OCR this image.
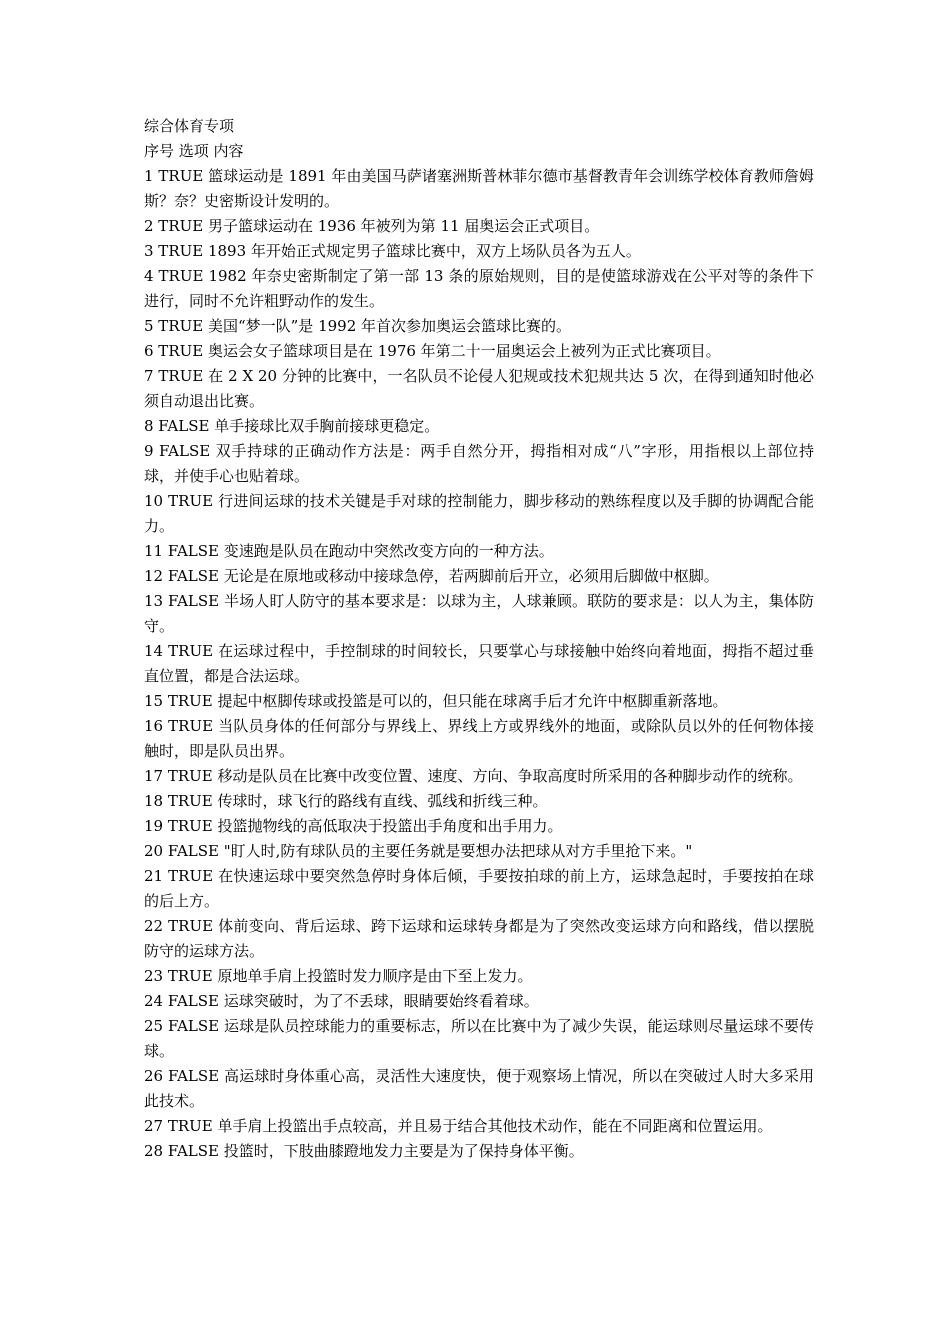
综合体育专项
序号 选项 内容
1 TRUE 篮球运动是 1891 年由美国马萨诸塞洲斯普林菲尔德市基督教青年会训练学校体育教师詹姆斯？奈？史密斯设计发明的。
2 TRUE 男子篮球运动在 1936 年被列为第 11 届奥运会正式项目。
3 TRUE 1893 年开始正式规定男子篮球比赛中，双方上场队员各为五人。
4 TRUE 1982 年奈史密斯制定了第一部 13 条的原始规则，目的是使篮球游戏在公平对等的条件下进行，同时不允许粗野动作的发生。
5 TRUE 美国“梦一队”是 1992 年首次参加奥运会篮球比赛的。
6 TRUE 奥运会女子篮球项目是在 1976 年第二十一届奥运会上被列为正式比赛项目。
7 TRUE 在 2 X 20 分钟的比赛中，一名队员不论侵人犯规或技术犯规共达 5 次，在得到通知时他必须自动退出比赛。
8 FALSE 单手接球比双手胸前接球更稳定。
9 FALSE 双手持球的正确动作方法是：两手自然分开，拇指相对成“八”字形，用指根以上部位持球，并使手心也贴着球。
10 TRUE 行进间运球的技术关键是手对球的控制能力，脚步移动的熟练程度以及手脚的协调配合能力。
11 FALSE 变速跑是队员在跑动中突然改变方向的一种方法。
12 FALSE 无论是在原地或移动中接球急停，若两脚前后开立，必须用后脚做中枢脚。
13 FALSE 半场人盯人防守的基本要求是：以球为主，人球兼顾。联防的要求是：以人为主，集体防守。
14 TRUE 在运球过程中，手控制球的时间较长，只要掌心与球接触中始终向着地面，拇指不超过垂直位置，都是合法运球。
15 TRUE 提起中枢脚传球或投篮是可以的，但只能在球离手后才允许中枢脚重新落地。
16 TRUE 当队员身体的任何部分与界线上、界线上方或界线外的地面，或除队员以外的任何物体接触时，即是队员出界。
17 TRUE 移动是队员在比赛中改变位置、速度、方向、争取高度时所采用的各种脚步动作的统称。
18 TRUE 传球时，球飞行的路线有直线、弧线和折线三种。
19 TRUE 投篮抛物线的高低取决于投篮出手角度和出手用力。
20 FALSE "盯人时,防有球队员的主要任务就是要想办法把球从对方手里抢下来。"
21 TRUE 在快速运球中要突然急停时身体后倾，手要按拍球的前上方，运球急起时，手要按拍在球的后上方。
22 TRUE 体前变向、背后运球、跨下运球和运球转身都是为了突然改变运球方向和路线，借以摆脱防守的运球方法。
23 TRUE 原地单手肩上投篮时发力顺序是由下至上发力。
24 FALSE 运球突破时，为了不丢球，眼睛要始终看着球。
25 FALSE 运球是队员控球能力的重要标志，所以在比赛中为了减少失误，能运球则尽量运球不要传球。
26 FALSE 高运球时身体重心高，灵活性大速度快，便于观察场上情况，所以在突破过人时大多采用此技术。
27 TRUE 单手肩上投篮出手点较高，并且易于结合其他技术动作，能在不同距离和位置运用。
28 FALSE 投篮时，下肢曲膝蹬地发力主要是为了保持身体平衡。
